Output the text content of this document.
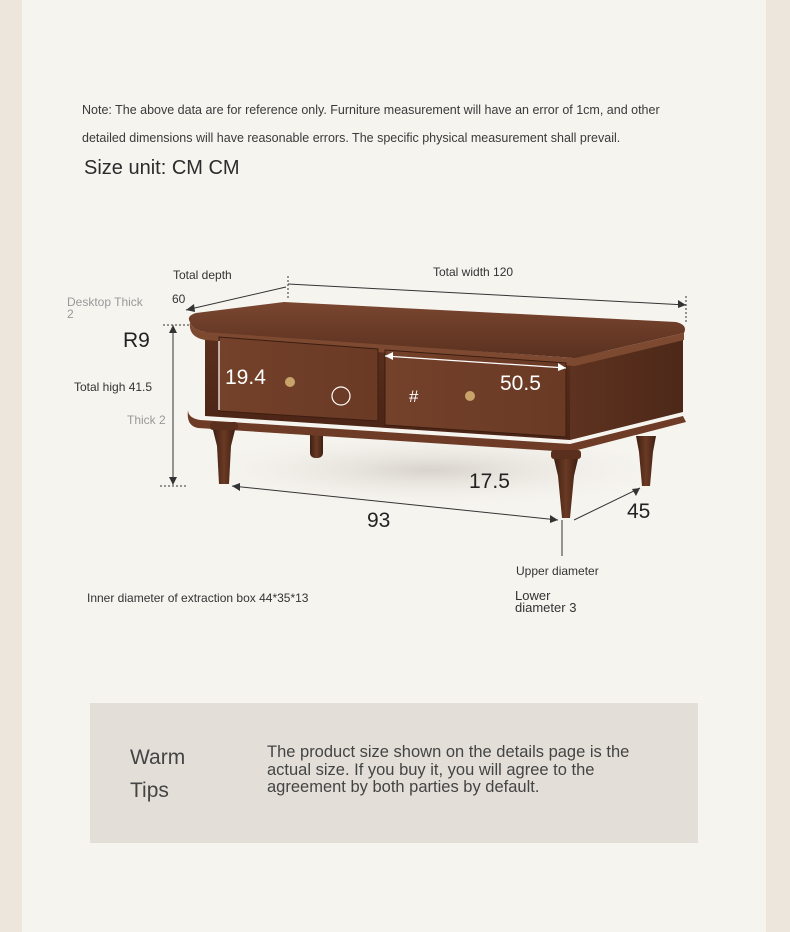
Note: The above data are for reference only. Furniture measurement will have an error of 1cm, and other
detailed dimensions will have reasonable errors. The specific physical measurement shall prevail.
Size unit: CM CM
Total depth
60
Total width 120
Desktop Thick
2
R9
Total high 41.5
Thick 2
19.4	50.5
#
17.5
93	45
Upper diameter
Lower
diameter 3
Inner diameter of extraction box 44*35*13
Warm
Tips
The product size shown on the details page is the actual size. If you buy it, you will agree to the agreement by both parties by default.
